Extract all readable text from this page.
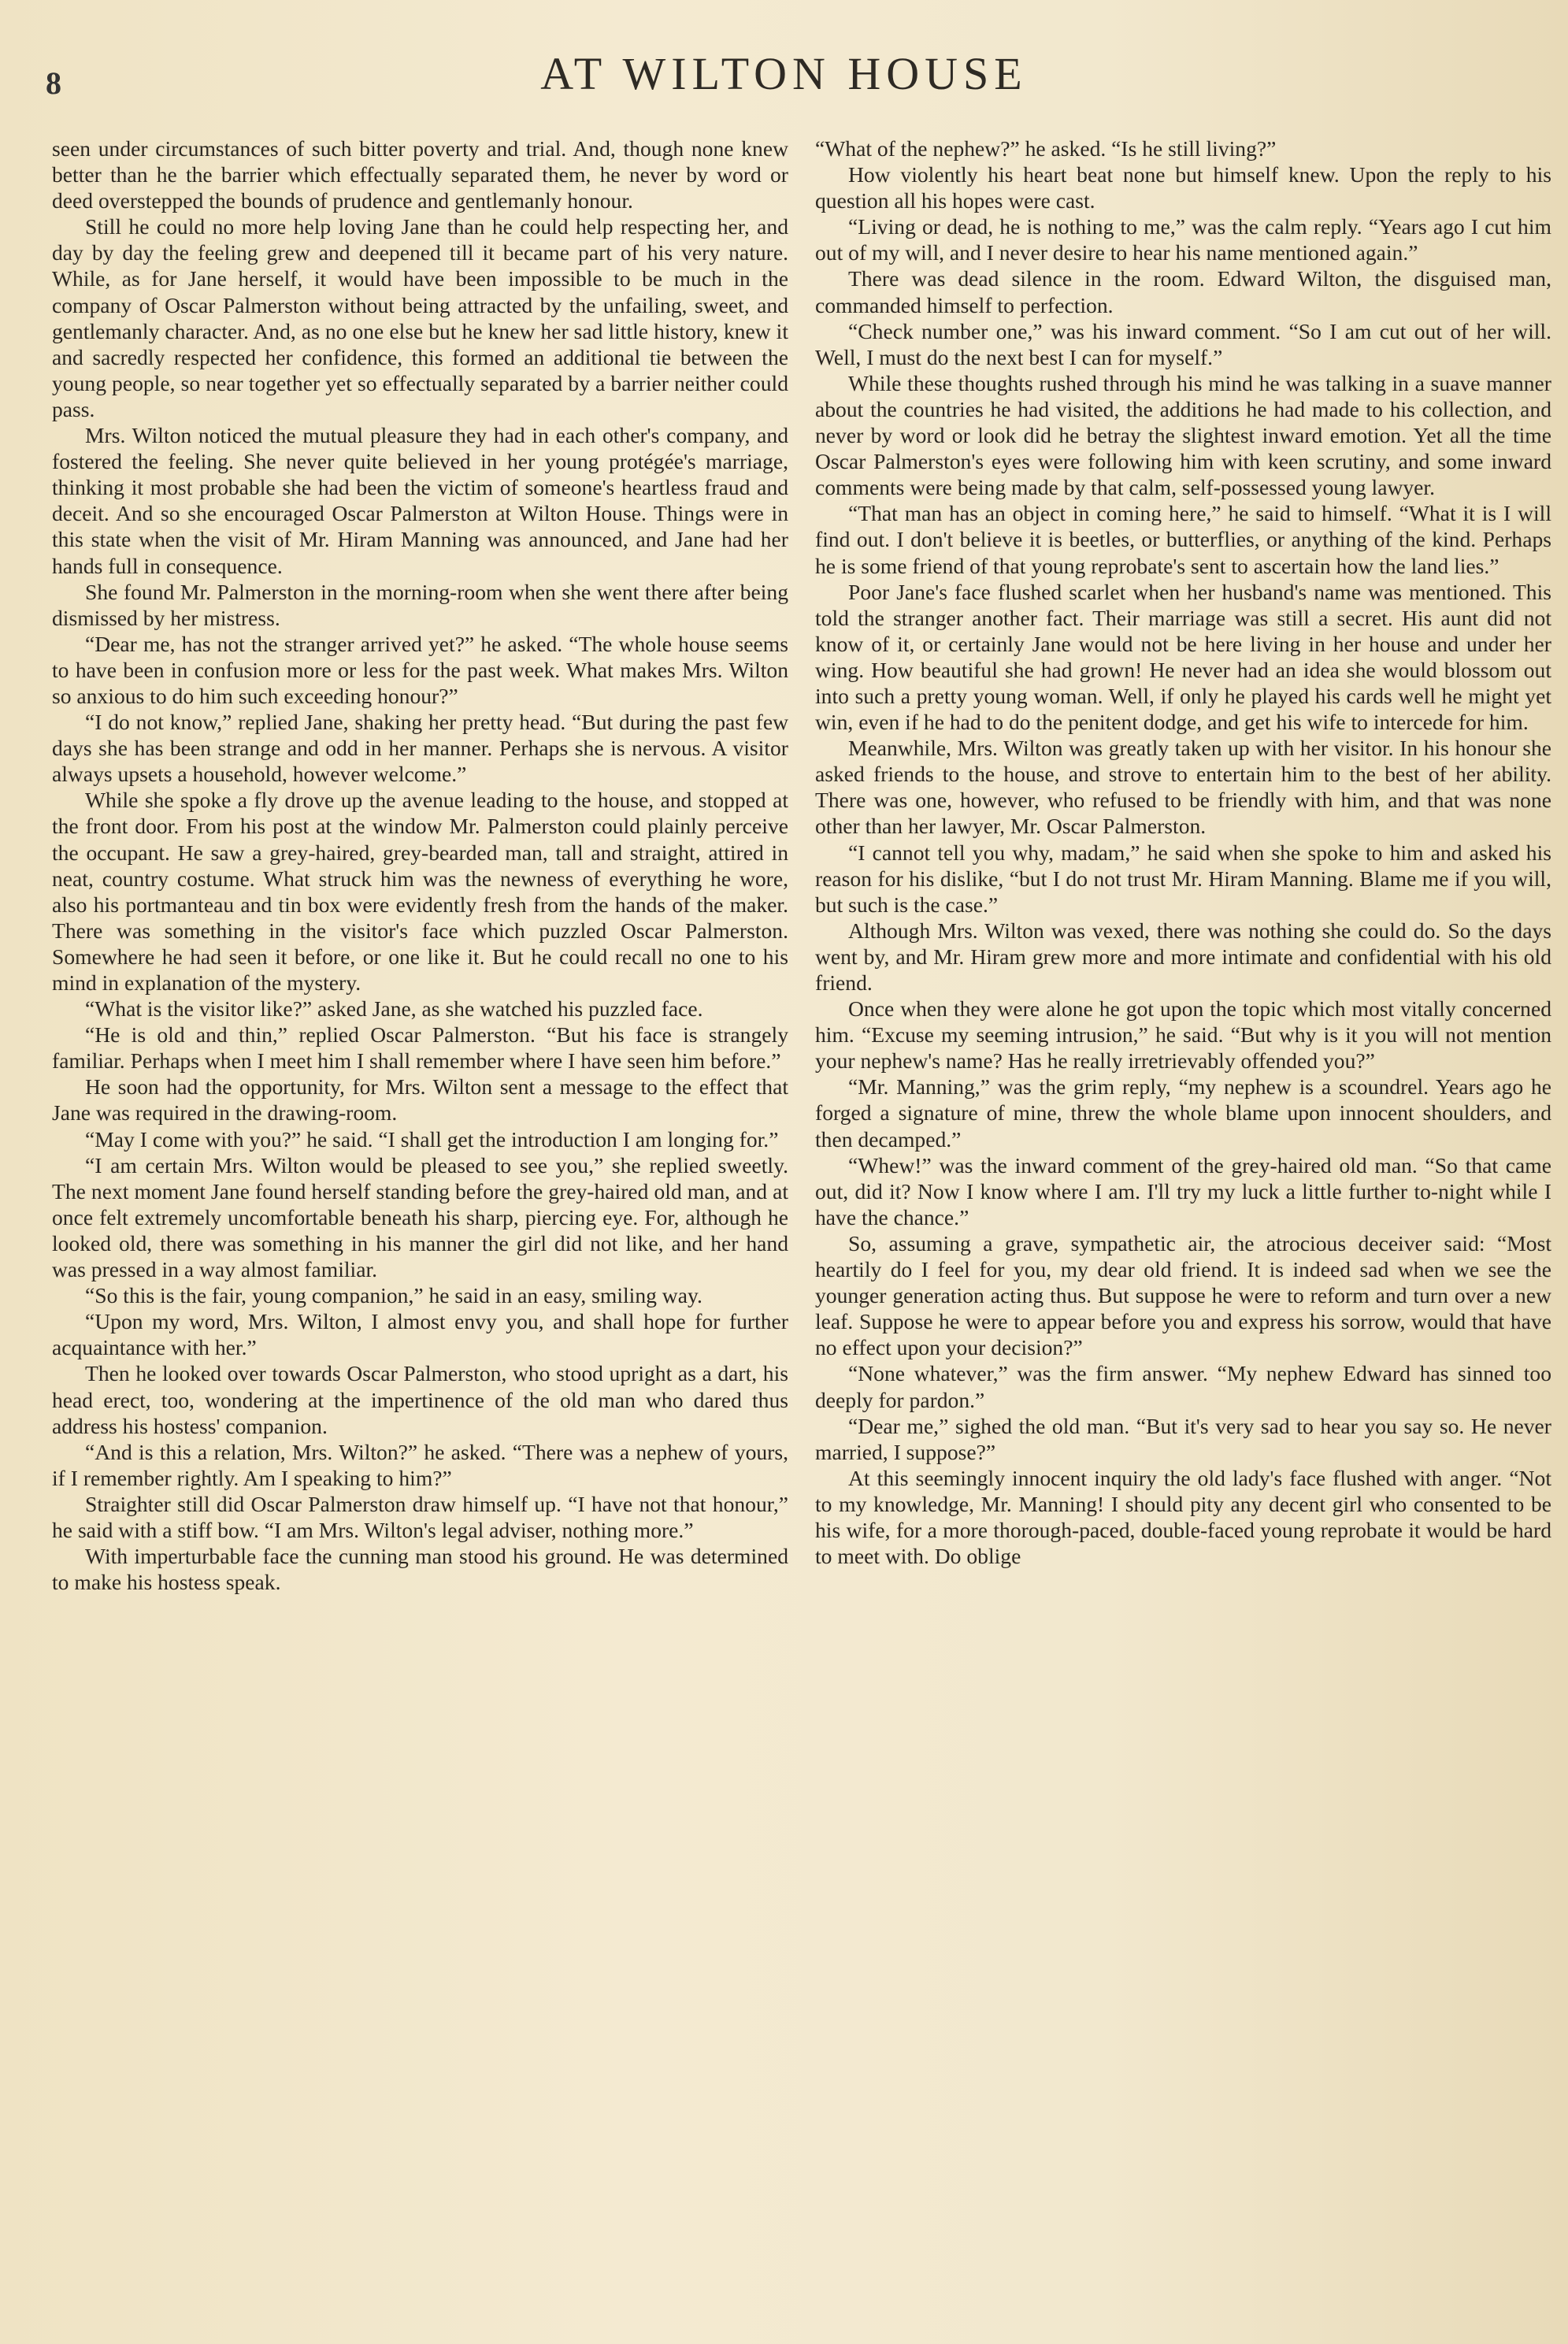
8	AT WILTON HOUSE

seen under circumstances of such bitter poverty and trial. And, though none knew better than he the barrier which effectually separated them, he never by word or deed overstepped the bounds of prudence and gentlemanly honour.

Still he could no more help loving Jane than he could help respecting her, and day by day the feeling grew and deepened till it became part of his very nature. While, as for Jane herself, it would have been impossible to be much in the company of Oscar Palmerston without being attracted by the unfailing, sweet, and gentlemanly character. And, as no one else but he knew her sad little history, knew it and sacredly respected her confidence, this formed an additional tie between the young people, so near together yet so effectually separated by a barrier neither could pass.

Mrs. Wilton noticed the mutual pleasure they had in each other's company, and fostered the feeling. She never quite believed in her young protégée's marriage, thinking it most probable she had been the victim of someone's heartless fraud and deceit. And so she encouraged Oscar Palmerston at Wilton House. Things were in this state when the visit of Mr. Hiram Manning was announced, and Jane had her hands full in consequence.

She found Mr. Palmerston in the morning-room when she went there after being dismissed by her mistress.

“Dear me, has not the stranger arrived yet?” he asked. “The whole house seems to have been in confusion more or less for the past week. What makes Mrs. Wilton so anxious to do him such exceeding honour?”

“I do not know,” replied Jane, shaking her pretty head. “But during the past few days she has been strange and odd in her manner. Perhaps she is nervous. A visitor always upsets a household, however welcome.”

While she spoke a fly drove up the avenue leading to the house, and stopped at the front door. From his post at the window Mr. Palmerston could plainly perceive the occupant. He saw a grey-haired, grey-bearded man, tall and straight, attired in neat, country costume. What struck him was the newness of everything he wore, also his portmanteau and tin box were evidently fresh from the hands of the maker. There was something in the visitor's face which puzzled Oscar Palmerston. Somewhere he had seen it before, or one like it. But he could recall no one to his mind in explanation of the mystery.

“What is the visitor like?” asked Jane, as she watched his puzzled face.

“He is old and thin,” replied Oscar Palmerston. “But his face is strangely familiar. Perhaps when I meet him I shall remember where I have seen him before.”

He soon had the opportunity, for Mrs. Wilton sent a message to the effect that Jane was required in the drawing-room.

“May I come with you?” he said. “I shall get the introduction I am longing for.”

“I am certain Mrs. Wilton would be pleased to see you,” she replied sweetly. The next moment Jane found herself standing before the grey-haired old man, and at once felt extremely uncomfortable beneath his sharp, piercing eye. For, although he looked old, there was something in his manner the girl did not like, and her hand was pressed in a way almost familiar.

“So this is the fair, young companion,” he said in an easy, smiling way.

“Upon my word, Mrs. Wilton, I almost envy you, and shall hope for further acquaintance with her.”

Then he looked over towards Oscar Palmerston, who stood upright as a dart, his head erect, too, wondering at the impertinence of the old man who dared thus address his hostess' companion.

“And is this a relation, Mrs. Wilton?” he asked. “There was a nephew of yours, if I remember rightly. Am I speaking to him?”

Straighter still did Oscar Palmerston draw himself up. “I have not that honour,” he said with a stiff bow. “I am Mrs. Wilton's legal adviser, nothing more.”

With imperturbable face the cunning man stood his ground. He was determined to make his hostess speak.

“What of the nephew?” he asked. “Is he still living?”

How violently his heart beat none but himself knew. Upon the reply to his question all his hopes were cast.

“Living or dead, he is nothing to me,” was the calm reply. “Years ago I cut him out of my will, and I never desire to hear his name mentioned again.”

There was dead silence in the room. Edward Wilton, the disguised man, commanded himself to perfection.

“Check number one,” was his inward comment. “So I am cut out of her will. Well, I must do the next best I can for myself.”

While these thoughts rushed through his mind he was talking in a suave manner about the countries he had visited, the additions he had made to his collection, and never by word or look did he betray the slightest inward emotion. Yet all the time Oscar Palmerston's eyes were following him with keen scrutiny, and some inward comments were being made by that calm, self-possessed young lawyer.

“That man has an object in coming here,” he said to himself. “What it is I will find out. I don't believe it is beetles, or butterflies, or anything of the kind. Perhaps he is some friend of that young reprobate's sent to ascertain how the land lies.”

Poor Jane's face flushed scarlet when her husband's name was mentioned. This told the stranger another fact. Their marriage was still a secret. His aunt did not know of it, or certainly Jane would not be here living in her house and under her wing. How beautiful she had grown! He never had an idea she would blossom out into such a pretty young woman. Well, if only he played his cards well he might yet win, even if he had to do the penitent dodge, and get his wife to intercede for him.

Meanwhile, Mrs. Wilton was greatly taken up with her visitor. In his honour she asked friends to the house, and strove to entertain him to the best of her ability. There was one, however, who refused to be friendly with him, and that was none other than her lawyer, Mr. Oscar Palmerston.

“I cannot tell you why, madam,” he said when she spoke to him and asked his reason for his dislike, “but I do not trust Mr. Hiram Manning. Blame me if you will, but such is the case.”

Although Mrs. Wilton was vexed, there was nothing she could do. So the days went by, and Mr. Hiram grew more and more intimate and confidential with his old friend.

Once when they were alone he got upon the topic which most vitally concerned him. “Excuse my seeming intrusion,” he said. “But why is it you will not mention your nephew's name? Has he really irretrievably offended you?”

“Mr. Manning,” was the grim reply, “my nephew is a scoundrel. Years ago he forged a signature of mine, threw the whole blame upon innocent shoulders, and then decamped.”

“Whew!” was the inward comment of the grey-haired old man. “So that came out, did it? Now I know where I am. I'll try my luck a little further to-night while I have the chance.”

So, assuming a grave, sympathetic air, the atrocious deceiver said: “Most heartily do I feel for you, my dear old friend. It is indeed sad when we see the younger generation acting thus. But suppose he were to reform and turn over a new leaf. Suppose he were to appear before you and express his sorrow, would that have no effect upon your decision?”

“None whatever,” was the firm answer. “My nephew Edward has sinned too deeply for pardon.”

“Dear me,” sighed the old man. “But it's very sad to hear you say so. He never married, I suppose?”

At this seemingly innocent inquiry the old lady's face flushed with anger. “Not to my knowledge, Mr. Manning! I should pity any decent girl who consented to be his wife, for a more thorough-paced, double-faced young reprobate it would be hard to meet with. Do oblige
